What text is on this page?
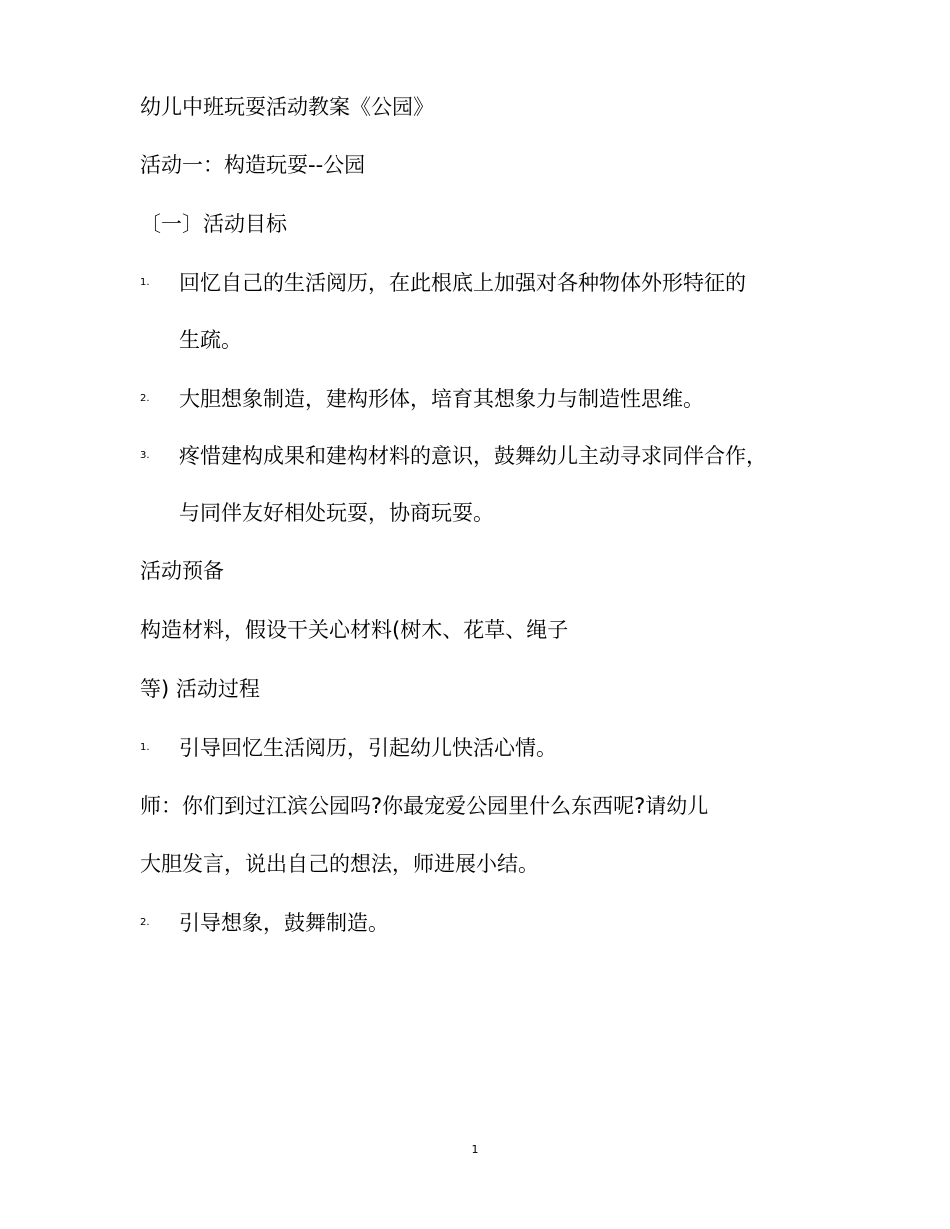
幼儿中班玩耍活动教案《公园》
活动一：构造玩耍--公园
〔一〕活动目标
1.	回忆自己的生活阅历，在此根底上加强对各种物体外形特征的
生疏。
2.	大胆想象制造，建构形体，培育其想象力与制造性思维。
3.	疼惜建构成果和建构材料的意识，鼓舞幼儿主动寻求同伴合作，
与同伴友好相处玩耍，协商玩耍。
活动预备
构造材料，假设干关心材料(树木、花草、绳子
等) 活动过程
1.	引导回忆生活阅历，引起幼儿快活心情。
师：你们到过江滨公园吗?你最宠爱公园里什么东西呢?请幼儿
大胆发言，说出自己的想法，师进展小结。
2.	引导想象，鼓舞制造。
1
